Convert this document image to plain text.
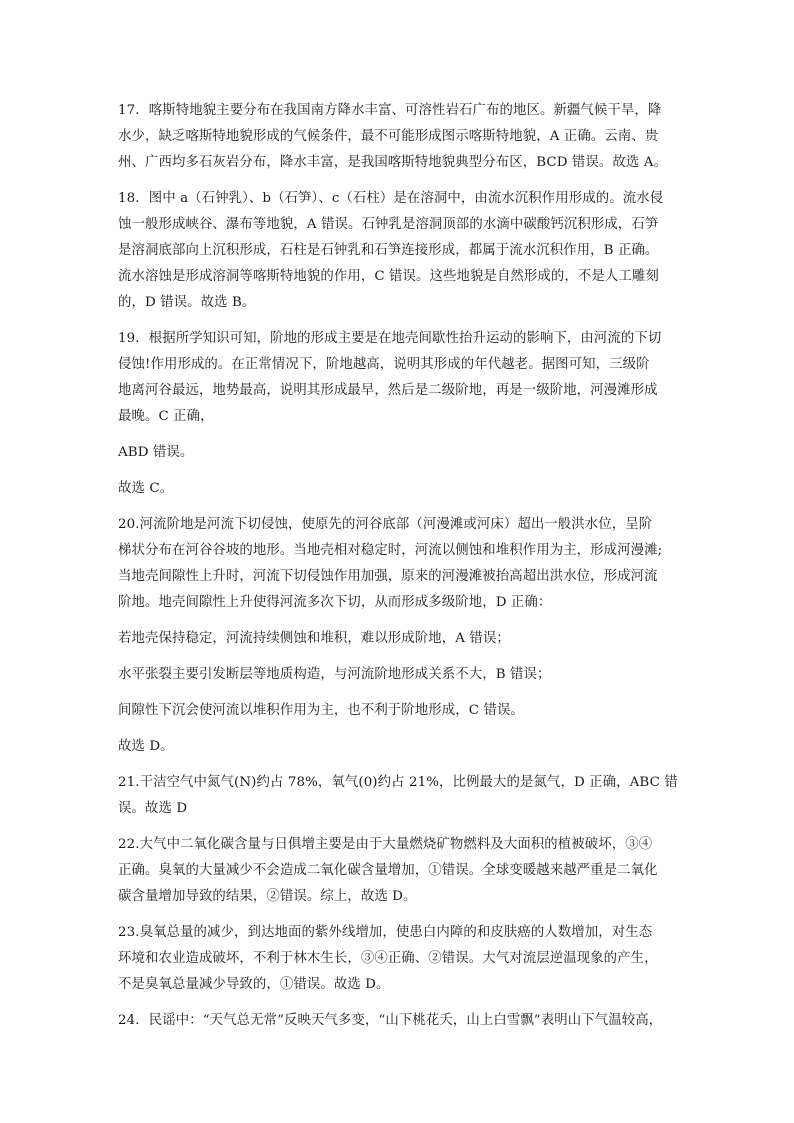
17．喀斯特地貌主要分布在我国南方降水丰富、可溶性岩石广布的地区。新疆气候干旱，降
水少，缺乏喀斯特地貌形成的气候条件，最不可能形成图示喀斯特地貌，A 正确。云南、贵
州、广西均多石灰岩分布，降水丰富，是我国喀斯特地貌典型分布区，BCD 错误。故选 A。

18．图中 a（石钟乳）、b（石笋）、c（石柱）是在溶洞中，由流水沉积作用形成的。流水侵
蚀一般形成峡谷、瀑布等地貌，A 错误。石钟乳是溶洞顶部的水滴中碳酸钙沉积形成，石笋
是溶洞底部向上沉积形成，石柱是石钟乳和石笋连接形成，都属于流水沉积作用，B 正确。
流水溶蚀是形成溶洞等喀斯特地貌的作用，C 错误。这些地貌是自然形成的，不是人工雕刻
的，D 错误。故选 B。

19．根据所学知识可知，阶地的形成主要是在地壳间歇性抬升运动的影响下，由河流的下切
侵蚀!作用形成的。在正常情况下，阶地越高，说明其形成的年代越老。据图可知，三级阶
地离河谷最远，地势最高，说明其形成最早，然后是二级阶地，再是一级阶地，河漫滩形成
最晚。C 正确，

ABD 错误。

故选 C。

20.河流阶地是河流下切侵蚀，使原先的河谷底部（河漫滩或河床）超出一般洪水位，呈阶
梯状分布在河谷谷坡的地形。当地壳相对稳定时，河流以侧蚀和堆积作用为主，形成河漫滩;
当地壳间隙性上升时，河流下切侵蚀作用加强，原来的河漫滩被抬高超出洪水位，形成河流
阶地。地壳间隙性上升使得河流多次下切，从而形成多级阶地，D 正确：

若地壳保持稳定，河流持续侧蚀和堆积，难以形成阶地，A 错误；

水平张裂主要引发断层等地质构造，与河流阶地形成关系不大，B 错误；

间隙性下沉会使河流以堆积作用为主，也不利于阶地形成，C 错误。

故选 D。

21.干洁空气中氮气(N)约占 78%，氧气(0)约占 21%，比例最大的是氮气，D 正确，ABC 错
误。故选 D

22.大气中二氧化碳含量与日俱增主要是由于大量燃烧矿物燃料及大面积的植被破坏，③④
正确。臭氧的大量减少不会造成二氧化碳含量增加，①错误。全球变暖越来越严重是二氧化
碳含量增加导致的结果，②错误。综上，故选 D。

23.臭氧总量的减少，到达地面的紫外线增加，使患白内障的和皮肤癌的人数增加，对生态
环境和农业造成破坏，不利于林木生长，③④正确、②错误。大气对流层逆温现象的产生，
不是臭氧总量减少导致的，①错误。故选 D。

24．民谣中：“天气总无常”反映天气多变，“山下桃花夭，山上白雪飘”表明山下气温较高，
